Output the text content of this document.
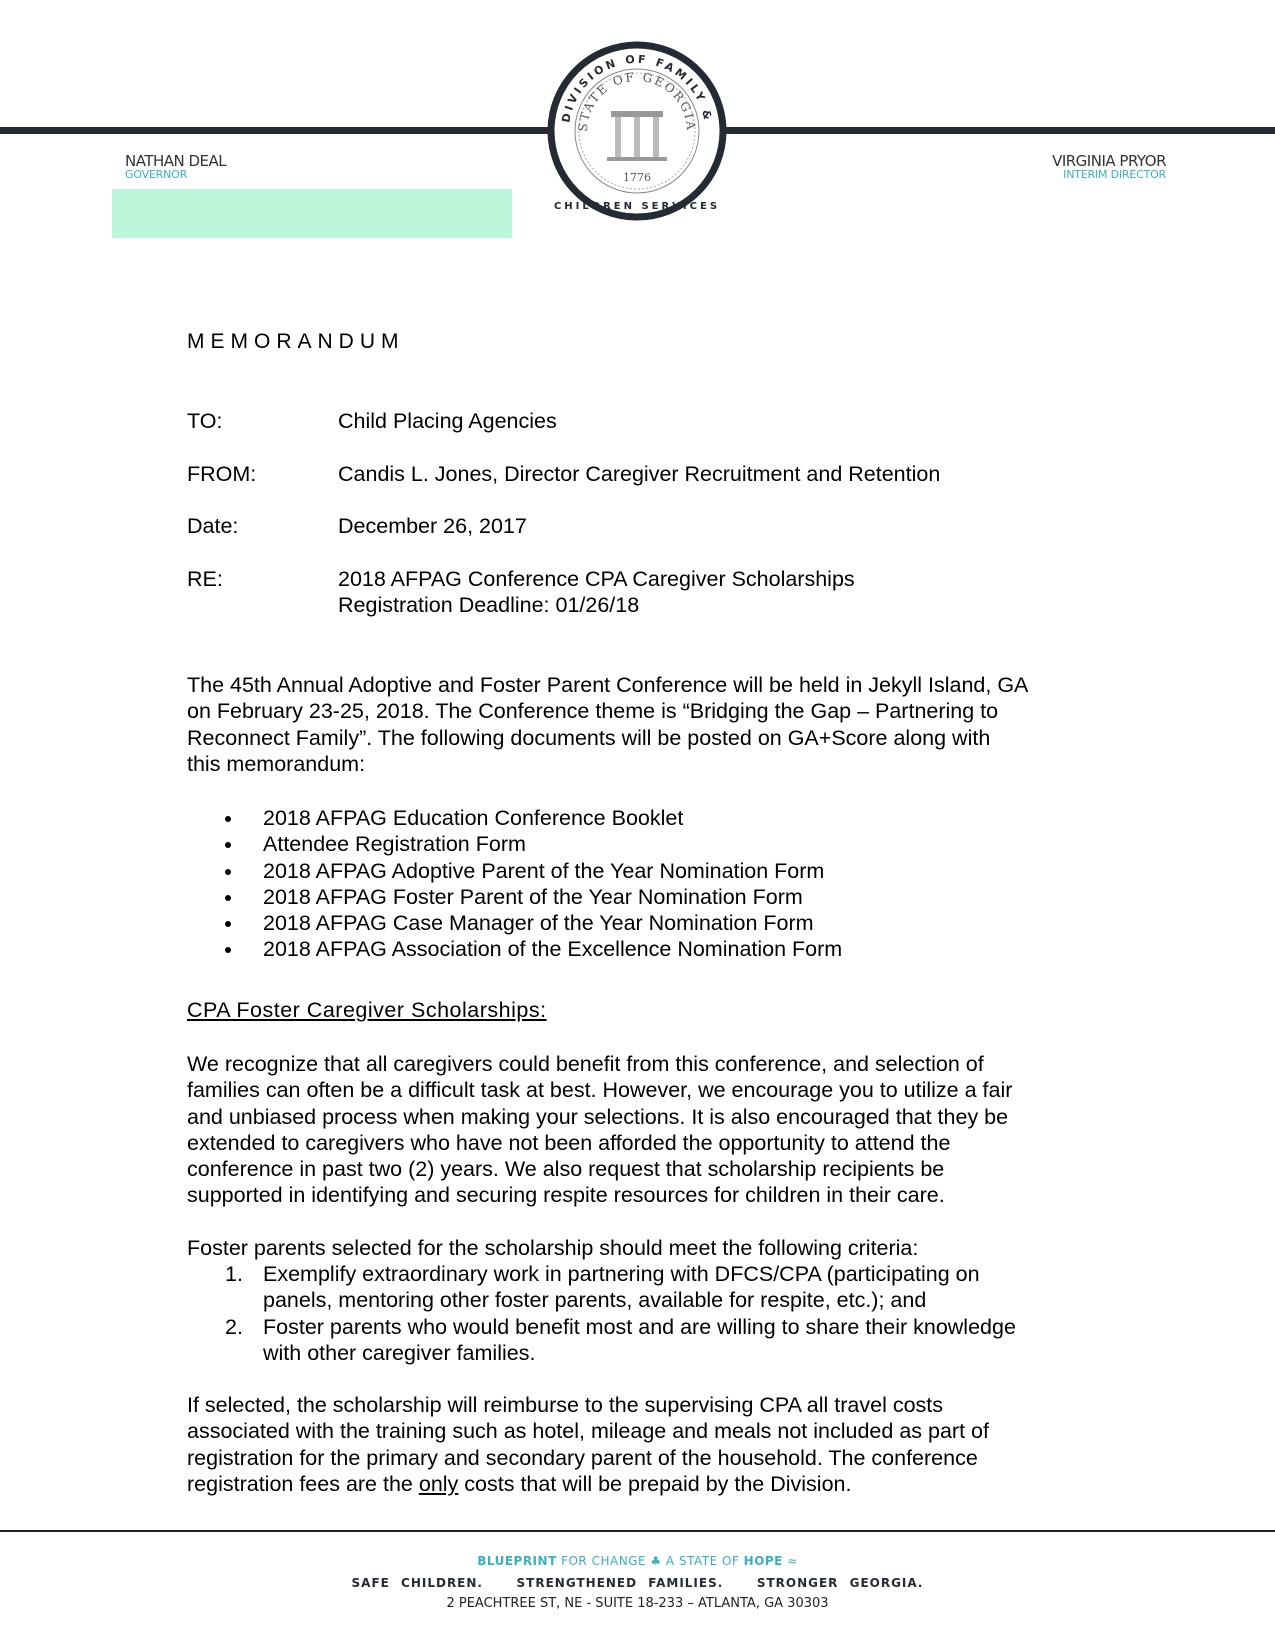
DIVISION OF FAMILY &
STATE OF GEORGIA
1776
CHILDREN SERVICES
NATHAN DEAL
GOVERNOR
VIRGINIA PRYOR
INTERIM DIRECTOR
MEMORANDUM
TO:	Child Placing Agencies
FROM:	Candis L. Jones, Director Caregiver Recruitment and Retention
Date:	December 26, 2017
RE:	2018 AFPAG Conference CPA Caregiver Scholarships
Registration Deadline: 01/26/18
The 45th Annual Adoptive and Foster Parent Conference will be held in Jekyll Island, GA
on February 23-25, 2018. The Conference theme is “Bridging the Gap – Partnering to
Reconnect Family”. The following documents will be posted on GA+Score along with
this memorandum:
2018 AFPAG Education Conference Booklet
Attendee Registration Form
2018 AFPAG Adoptive Parent of the Year Nomination Form
2018 AFPAG Foster Parent of the Year Nomination Form
2018 AFPAG Case Manager of the Year Nomination Form
2018 AFPAG Association of the Excellence Nomination Form
CPA Foster Caregiver Scholarships:
We recognize that all caregivers could benefit from this conference, and selection of
families can often be a difficult task at best. However, we encourage you to utilize a fair
and unbiased process when making your selections. It is also encouraged that they be
extended to caregivers who have not been afforded the opportunity to attend the
conference in past two (2) years. We also request that scholarship recipients be
supported in identifying and securing respite resources for children in their care.
Foster parents selected for the scholarship should meet the following criteria:
1. Exemplify extraordinary work in partnering with DFCS/CPA (participating on
panels, mentoring other foster parents, available for respite, etc.); and
2. Foster parents who would benefit most and are willing to share their knowledge
with other caregiver families.
If selected, the scholarship will reimburse to the supervising CPA all travel costs
associated with the training such as hotel, mileage and meals not included as part of
registration for the primary and secondary parent of the household. The conference
registration fees are the only costs that will be prepaid by the Division.
BLUEPRINT FOR CHANGE ♣ A STATE OF HOPE ≈
SAFE CHILDREN.   STRENGTHENED FAMILIES.   STRONGER GEORGIA.
2 PEACHTREE ST, NE - SUITE 18-233 – ATLANTA, GA 30303
